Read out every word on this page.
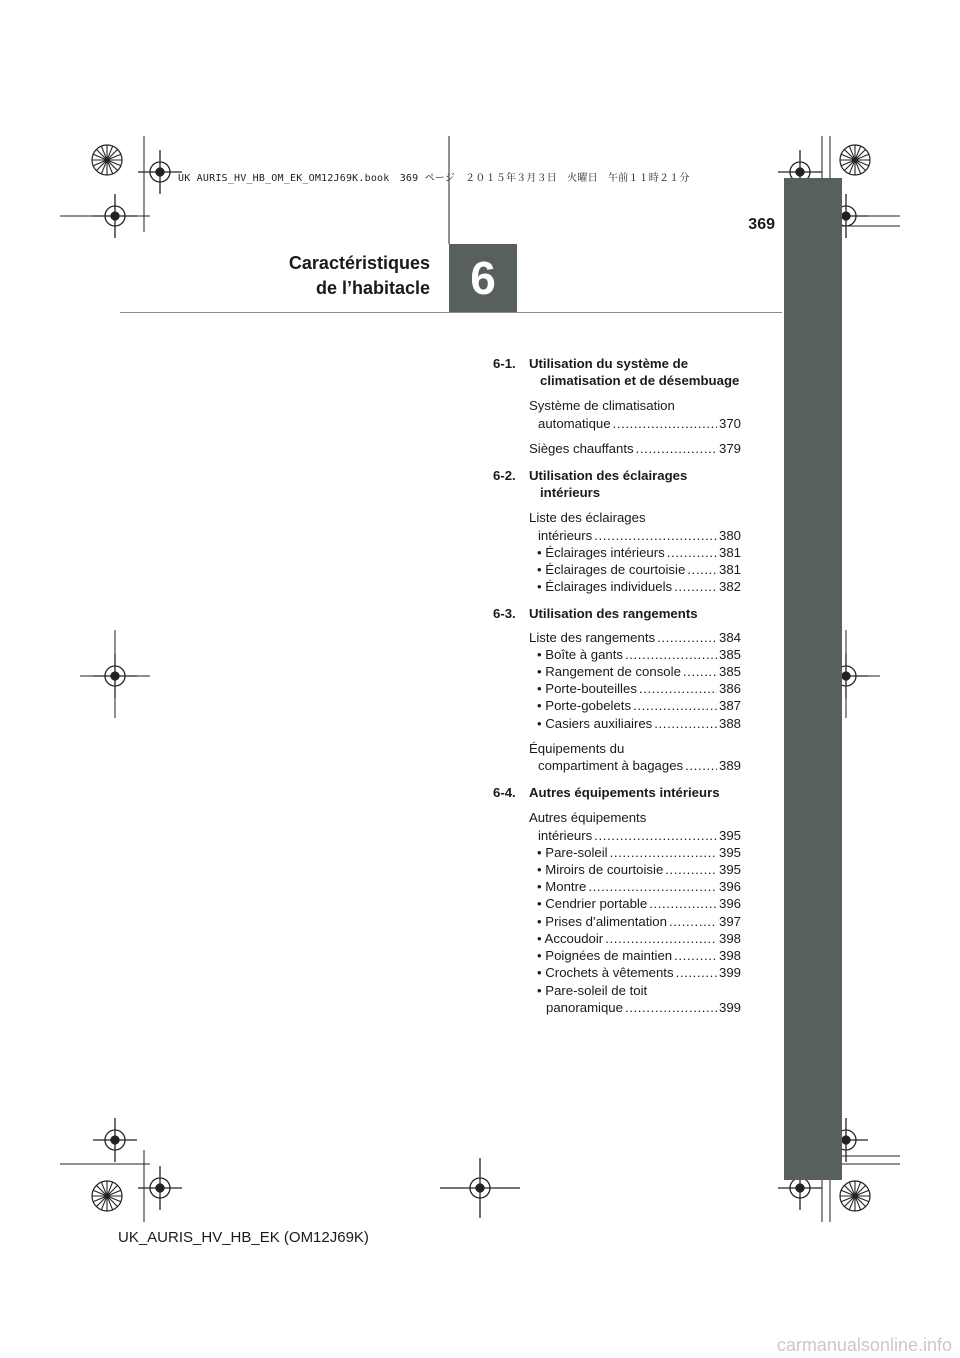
UK AURIS_HV_HB_OM_EK_OM12J69K.book　369 ページ　２０１５年３月３日　火曜日　午前１１時２１分
369
Caractéristiques
de l’habitacle 6
6-1.	Utilisation du système de climatisation et de désembuage
Système de climatisation
automatique .....	370
Sièges chauffants .....	379
6-2.	Utilisation des éclairages intérieurs
Liste des éclairages
intérieurs .....	380
• Éclairages intérieurs .....	381
• Éclairages de courtoisie .....	381
• Éclairages individuels .....	382
6-3.	Utilisation des rangements
Liste des rangements .....	384
• Boîte à gants .....	385
• Rangement de console .....	385
• Porte-bouteilles .....	386
• Porte-gobelets .....	387
• Casiers auxiliaires .....	388
Équipements du
compartiment à bagages .....	389
6-4.	Autres équipements intérieurs
Autres équipements
intérieurs .....	395
• Pare-soleil .....	395
• Miroirs de courtoisie .....	395
• Montre .....	396
• Cendrier portable .....	396
• Prises d’alimentation .....	397
• Accoudoir .....	398
• Poignées de maintien .....	398
• Crochets à vêtements .....	399
• Pare-soleil de toit
panoramique .....	399
UK_AURIS_HV_HB_EK (OM12J69K)
carmanualsonline.info
